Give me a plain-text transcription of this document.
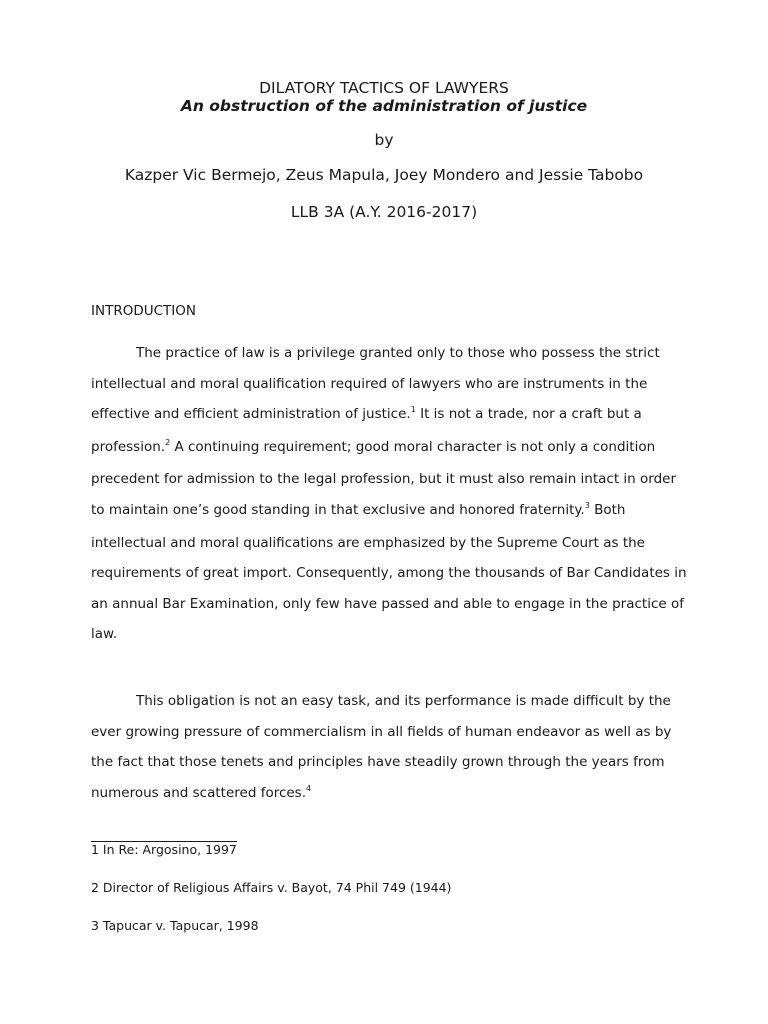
DILATORY TACTICS OF LAWYERS
An obstruction of the administration of justice
by
Kazper Vic Bermejo, Zeus Mapula, Joey Mondero and Jessie Tabobo
LLB 3A (A.Y. 2016-2017)
INTRODUCTION

The practice of law is a privilege granted only to those who possess the strict intellectual and moral qualification required of lawyers who are instruments in the effective and efficient administration of justice.$^1$ It is not a trade, nor a craft but a profession.$^2$ A continuing requirement; good moral character is not only a condition precedent for admission to the legal profession, but it must also remain intact in order to maintain one’s good standing in that exclusive and honored fraternity.$^3$ Both intellectual and moral qualifications are emphasized by the Supreme Court as the requirements of great import. Consequently, among the thousands of Bar Candidates in an annual Bar Examination, only few have passed and able to engage in the practice of law.

This obligation is not an easy task, and its performance is made difficult by the ever growing pressure of commercialism in all fields of human endeavor as well as by the fact that those tenets and principles have steadily grown through the years from numerous and scattered forces.$^4$

1 In Re: Argosino, 1997
2 Director of Religious Affairs v. Bayot, 74 Phil 749 (1944)
3 Tapucar v. Tapucar, 1998
